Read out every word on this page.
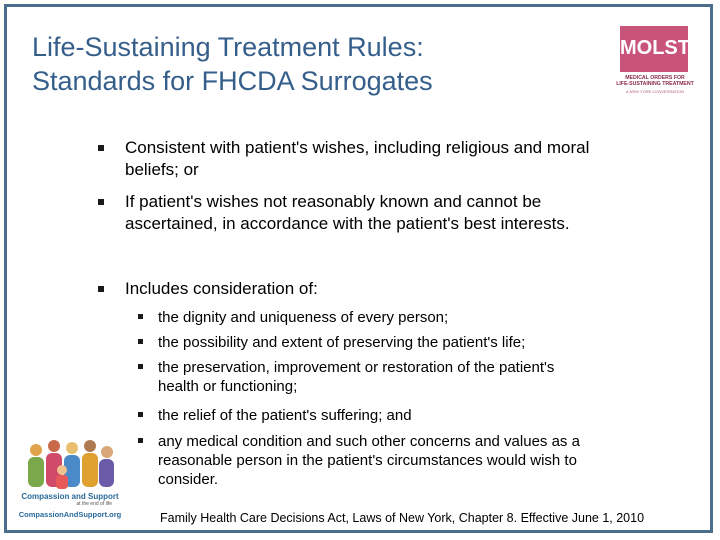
Life-Sustaining Treatment Rules:
Standards for FHCDA Surrogates
MOLST
MEDICAL ORDERS FOR
LIFE-SUSTAINING TREATMENT
A NEW YORK CONVERSATION
Consistent with patient's wishes, including religious and moral beliefs; or
If patient's wishes not reasonably known and cannot be ascertained, in accordance with the patient's best interests.
Includes consideration of:
the dignity and uniqueness of every person;
the possibility and extent of preserving the patient's life;
the preservation, improvement or restoration of the patient's health or functioning;
the relief of the patient's suffering; and
any medical condition and such other concerns and values as a reasonable person in the patient's circumstances would wish to consider.
Compassion and Support
at the end of life
CompassionAndSupport.org	Family Health Care Decisions Act, Laws of New York, Chapter 8. Effective June 1, 2010
